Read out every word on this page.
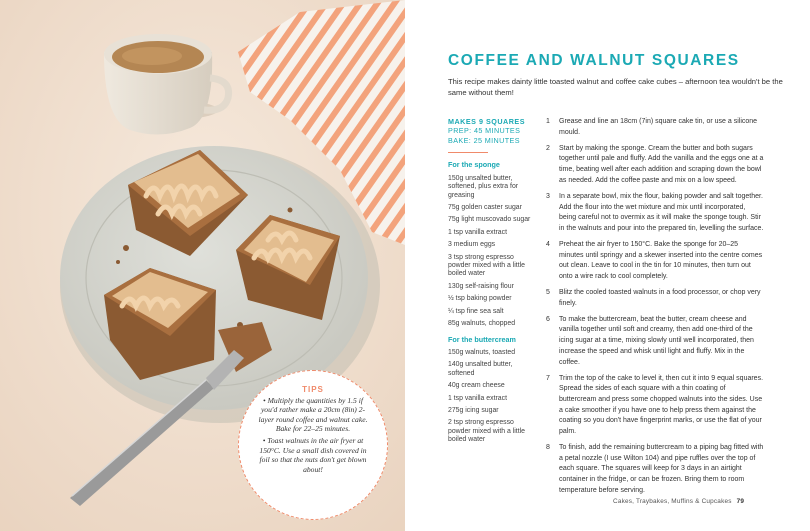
TIPS

• Multiply the quantities by 1.5 if you'd rather make a 20cm (8in) 2-layer round coffee and walnut cake. Bake for 22–25 minutes.

• Toast walnuts in the air fryer at 150°C. Use a small dish covered in foil so that the nuts don't get blown about!

COFFEE AND WALNUT SQUARES
This recipe makes dainty little toasted walnut and coffee cake cubes – afternoon tea wouldn't be the same without them!
MAKES 9 SQUARES
PREP: 45 MINUTES
BAKE: 25 MINUTES
For the sponge
150g unsalted butter, softened, plus extra for greasing
75g golden caster sugar
75g light muscovado sugar
1 tsp vanilla extract
3 medium eggs
3 tsp strong espresso powder mixed with a little boiled water
130g self-raising flour
½ tsp baking powder
¼ tsp fine sea salt
85g walnuts, chopped
For the buttercream
150g walnuts, toasted
140g unsalted butter, softened
40g cream cheese
1 tsp vanilla extract
275g icing sugar
2 tsp strong espresso powder mixed with a little boiled water
1 Grease and line an 18cm (7in) square cake tin, or use a silicone mould.
2 Start by making the sponge. Cream the butter and both sugars together until pale and fluffy. Add the vanilla and the eggs one at a time, beating well after each addition and scraping down the bowl as needed. Add the coffee paste and mix on a low speed.
3 In a separate bowl, mix the flour, baking powder and salt together. Add the flour into the wet mixture and mix until incorporated, being careful not to overmix as it will make the sponge tough. Stir in the walnuts and pour into the prepared tin, levelling the surface.
4 Preheat the air fryer to 150°C. Bake the sponge for 20–25 minutes until springy and a skewer inserted into the centre comes out clean. Leave to cool in the tin for 10 minutes, then turn out onto a wire rack to cool completely.
5 Blitz the cooled toasted walnuts in a food processor, or chop very finely.
6 To make the buttercream, beat the butter, cream cheese and vanilla together until soft and creamy, then add one-third of the icing sugar at a time, mixing slowly until well incorporated, then increase the speed and whisk until light and fluffy. Mix in the coffee.
7 Trim the top of the cake to level it, then cut it into 9 equal squares. Spread the sides of each square with a thin coating of buttercream and press some chopped walnuts into the sides. Use a cake smoother if you have one to help press them against the coating so you don't have fingerprint marks, or use the flat of your palm.
8 To finish, add the remaining buttercream to a piping bag fitted with a petal nozzle (I use Wilton 104) and pipe ruffles over the top of each square. The squares will keep for 3 days in an airtight container in the fridge, or can be frozen. Bring them to room temperature before serving.
Cakes, Traybakes, Muffins & Cupcakes 79
